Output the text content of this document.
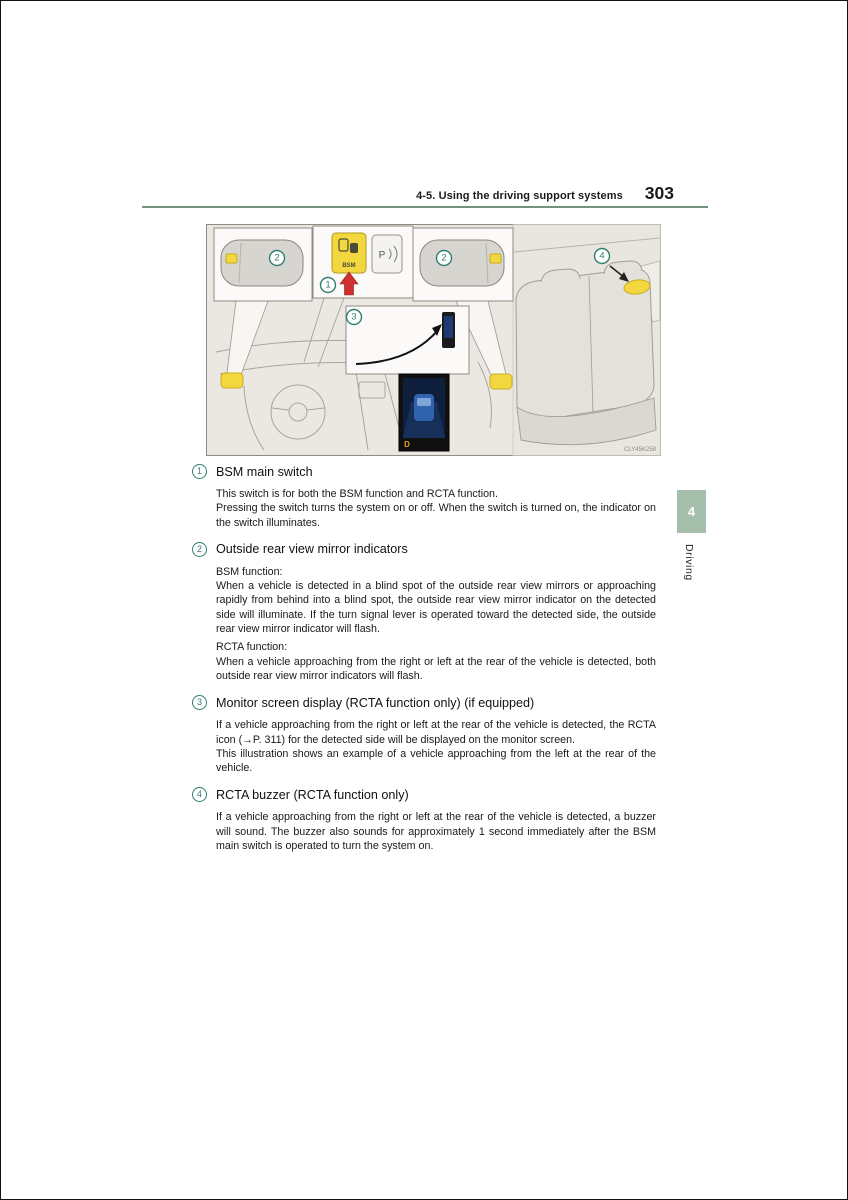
4-5. Using the driving support systems 303
4
2
BSM
P
1
2
3
D
CLY45K258
4
Driving
1	BSM main switch

This switch is for both the BSM function and RCTA function.

Pressing the switch turns the system on or off. When the switch is turned on, the indicator on the switch illuminates.

2	Outside rear view mirror indicators

BSM function:

When a vehicle is detected in a blind spot of the outside rear view mirrors or approaching rapidly from behind into a blind spot, the outside rear view mirror indicator on the detected side will illuminate. If the turn signal lever is operated toward the detected side, the outside rear view mirror indicator will flash.

RCTA function:

When a vehicle approaching from the right or left at the rear of the vehicle is detected, both outside rear view mirror indicators will flash.

3	Monitor screen display (RCTA function only) (if equipped)

If a vehicle approaching from the right or left at the rear of the vehicle is detected, the RCTA icon (→P. 311) for the detected side will be displayed on the monitor screen.

This illustration shows an example of a vehicle approaching from the left at the rear of the vehicle.

4	RCTA buzzer (RCTA function only)

If a vehicle approaching from the right or left at the rear of the vehicle is detected, a buzzer will sound. The buzzer also sounds for approximately 1 second immediately after the BSM main switch is operated to turn the system on.
